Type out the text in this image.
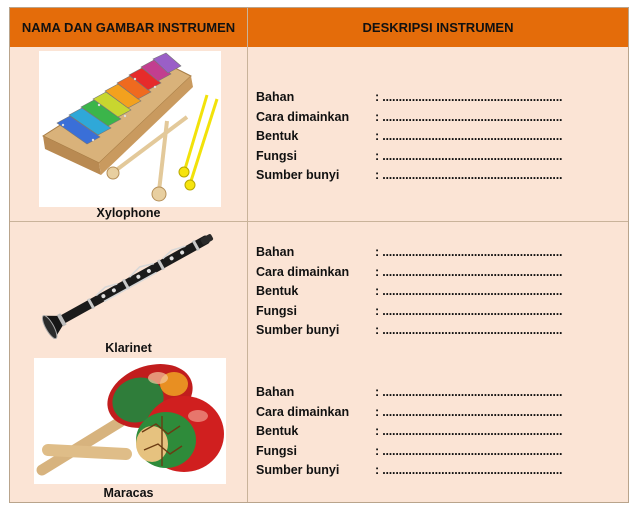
NAMA DAN GAMBAR INSTRUMEN	DESKRIPSI INSTRUMEN
Xylophone
Bahan	: .......................................................
Cara dimainkan	: .......................................................
Bentuk	: .......................................................
Fungsi	: .......................................................
Sumber bunyi	: .......................................................
Klarinet
Bahan	: .......................................................
Cara dimainkan	: .......................................................
Bentuk	: .......................................................
Fungsi	: .......................................................
Sumber bunyi	: .......................................................
Maracas
Bahan	: .......................................................
Cara dimainkan	: .......................................................
Bentuk	: .......................................................
Fungsi	: .......................................................
Sumber bunyi	: .......................................................
